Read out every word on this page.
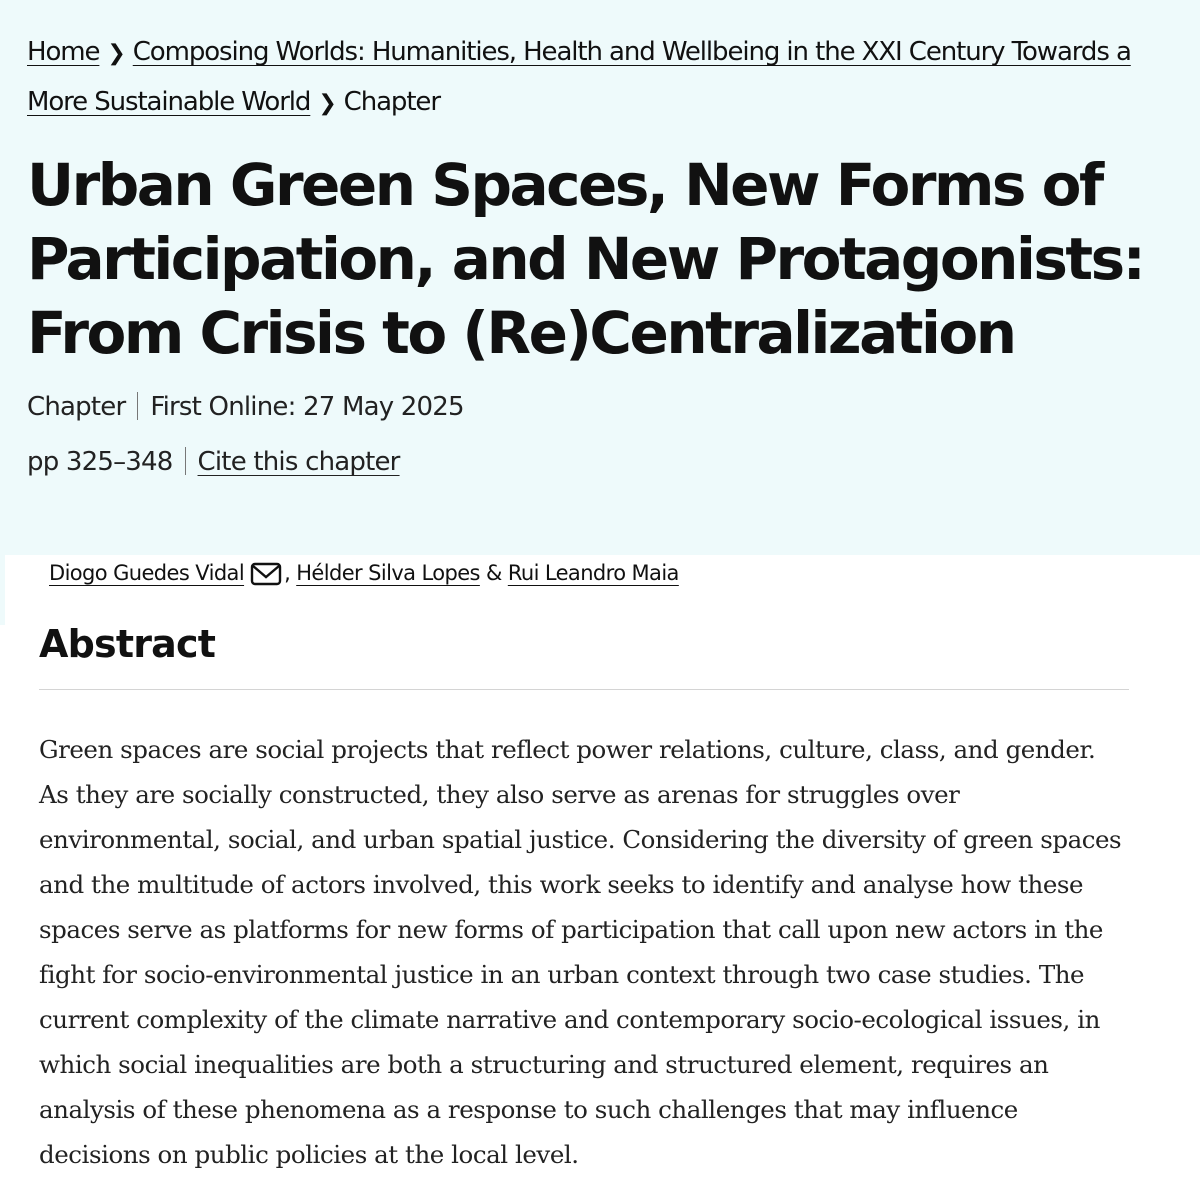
Home ❯ Composing Worlds: Humanities, Health and Wellbeing in the XXI Century Towards a More Sustainable World ❯ Chapter
Urban Green Spaces, New Forms of Participation, and New Protagonists: From Crisis to (Re)Centralization
Chapter First Online: 27 May 2025
pp 325–348 Cite this chapter
Diogo Guedes Vidal , Hélder Silva Lopes & Rui Leandro Maia
Abstract

Green spaces are social projects that reflect power relations, culture, class, and gender. As they are socially constructed, they also serve as arenas for struggles over environmental, social, and urban spatial justice. Considering the diversity of green spaces and the multitude of actors involved, this work seeks to identify and analyse how these spaces serve as platforms for new forms of participation that call upon new actors in the fight for socio-environmental justice in an urban context through two case studies. The current complexity of the climate narrative and contemporary socio-ecological issues, in which social inequalities are both a structuring and structured element, requires an analysis of these phenomena as a response to such challenges that may influence decisions on public policies at the local level.
